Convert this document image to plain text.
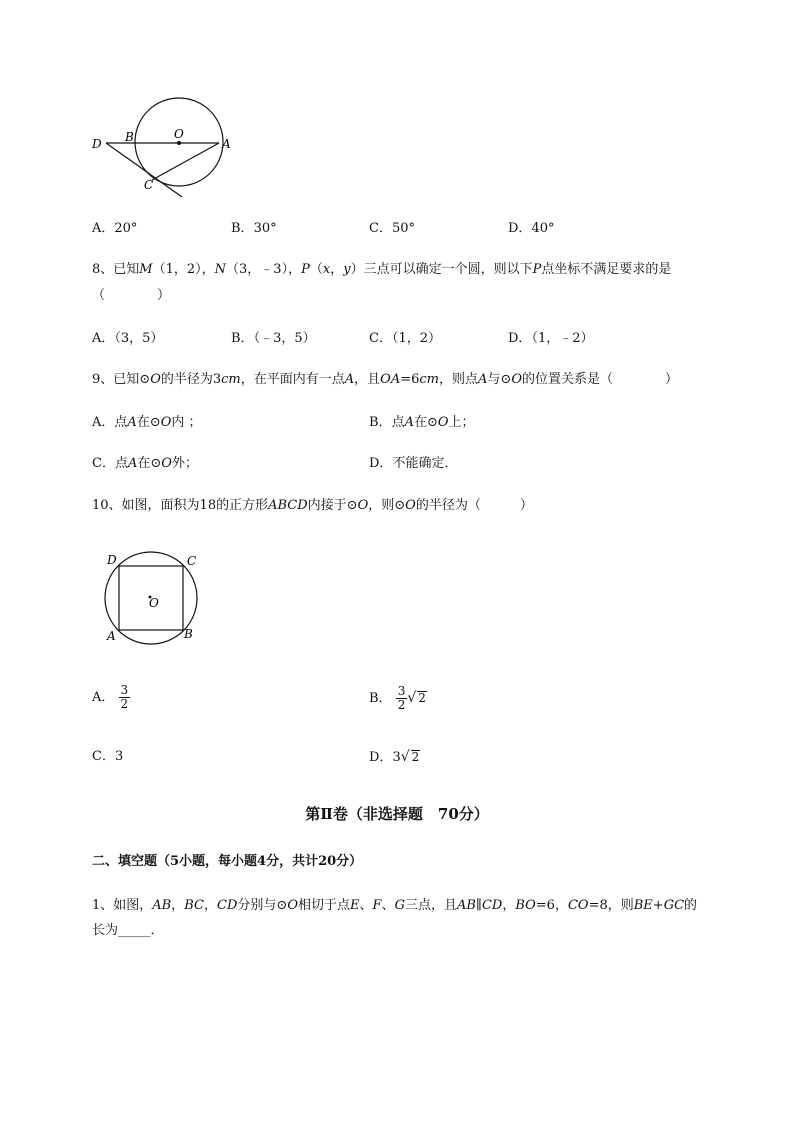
D B	O
A
C
A．20°	B．30°	C．50°	D．40°
8、已知M（1，2），N（3，﹣3），P（x，y）三点可以确定一个圆，则以下P点坐标不满足要求的是
（　　　　）
A．（3，5）	B．（﹣3，5）	C．（1，2）	D．（1，﹣2）
9、已知⊙O的半径为3cm，在平面内有一点A，且OA=6cm，则点A与⊙O的位置关系是（　　　　）
A．点A在⊙O内 ；	B．点A在⊙O上；
C．点A在⊙O外；	D．不能确定．
10、如图，面积为18的正方形ABCD内接于⊙O，则⊙O的半径为（　　　）
D	C
O
A	B
A． $\frac{3}{2}$	B． $\frac{3}{2}$ √ 2
C．3	D．3√ 2
第Ⅱ卷（非选择题　70分）
二、填空题（5小题，每小题4分，共计20分）
1、如图，AB，BC，CD分别与⊙O相切于点E、F、G三点，且AB∥CD，BO=6，CO=8，则BE+GC的
长为_____．
